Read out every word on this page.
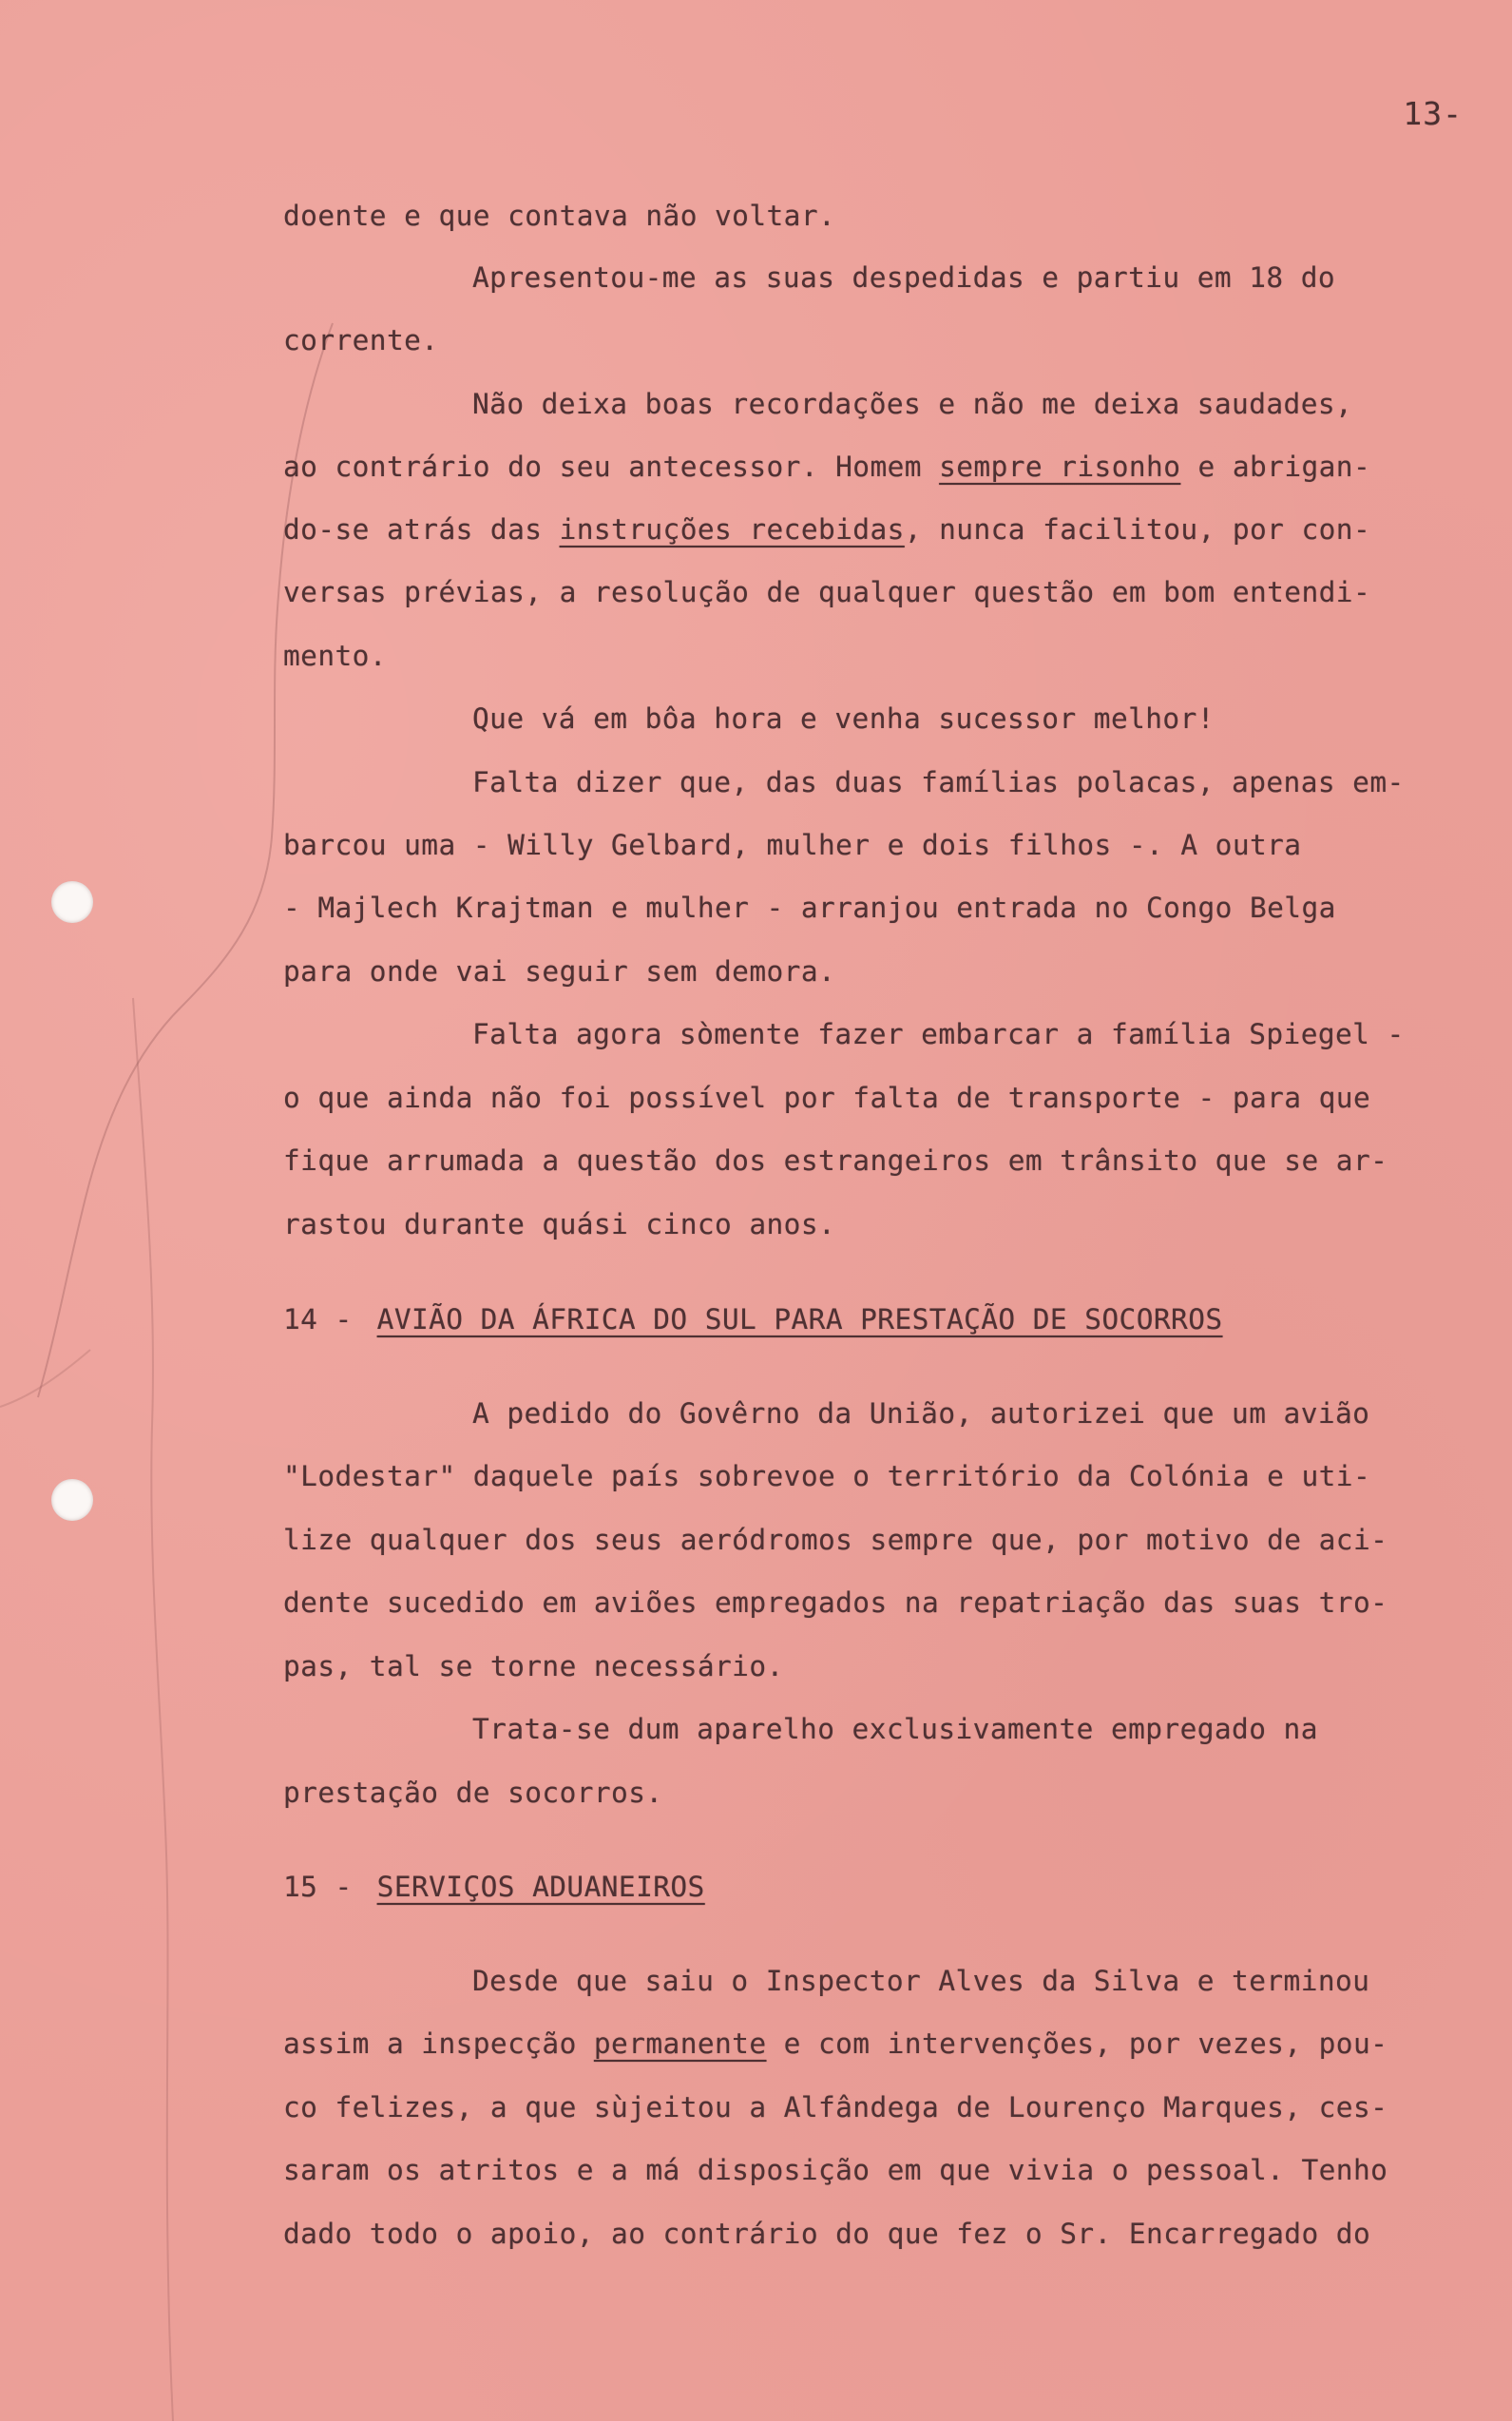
13-
doente e que contava não voltar.
Apresentou-me as suas despedidas e partiu em 18 do
corrente.
Não deixa boas recordações e não me deixa saudades,
ao contrário do seu antecessor. Homem sempre risonho e abrigan-
do-se atrás das instruções recebidas, nunca facilitou, por con-
versas prévias, a resolução de qualquer questão em bom entendi-
mento.
Que vá em bôa hora e venha sucessor melhor!
Falta dizer que, das duas famílias polacas, apenas em-
barcou uma - Willy Gelbard, mulher e dois filhos -. A outra
- Majlech Krajtman e mulher - arranjou entrada no Congo Belga
para onde vai seguir sem demora.
Falta agora sòmente fazer embarcar a família Spiegel -
o que ainda não foi possível por falta de transporte - para que
fique arrumada a questão dos estrangeiros em trânsito que se ar-
rastou durante quási cinco anos.
14 - AVIÃO DA ÁFRICA DO SUL PARA PRESTAÇÃO DE SOCORROS
A pedido do Govêrno da União, autorizei que um avião
"Lodestar" daquele país sobrevoe o território da Colónia e uti-
lize qualquer dos seus aeródromos sempre que, por motivo de aci-
dente sucedido em aviões empregados na repatriação das suas tro-
pas, tal se torne necessário.
Trata-se dum aparelho exclusivamente empregado na
prestação de socorros.
15 - SERVIÇOS ADUANEIROS
Desde que saiu o Inspector Alves da Silva e terminou
assim a inspecção permanente e com intervenções, por vezes, pou-
co felizes, a que sùjeitou a Alfândega de Lourenço Marques, ces-
saram os atritos e a má disposição em que vivia o pessoal. Tenho
dado todo o apoio, ao contrário do que fez o Sr. Encarregado do
